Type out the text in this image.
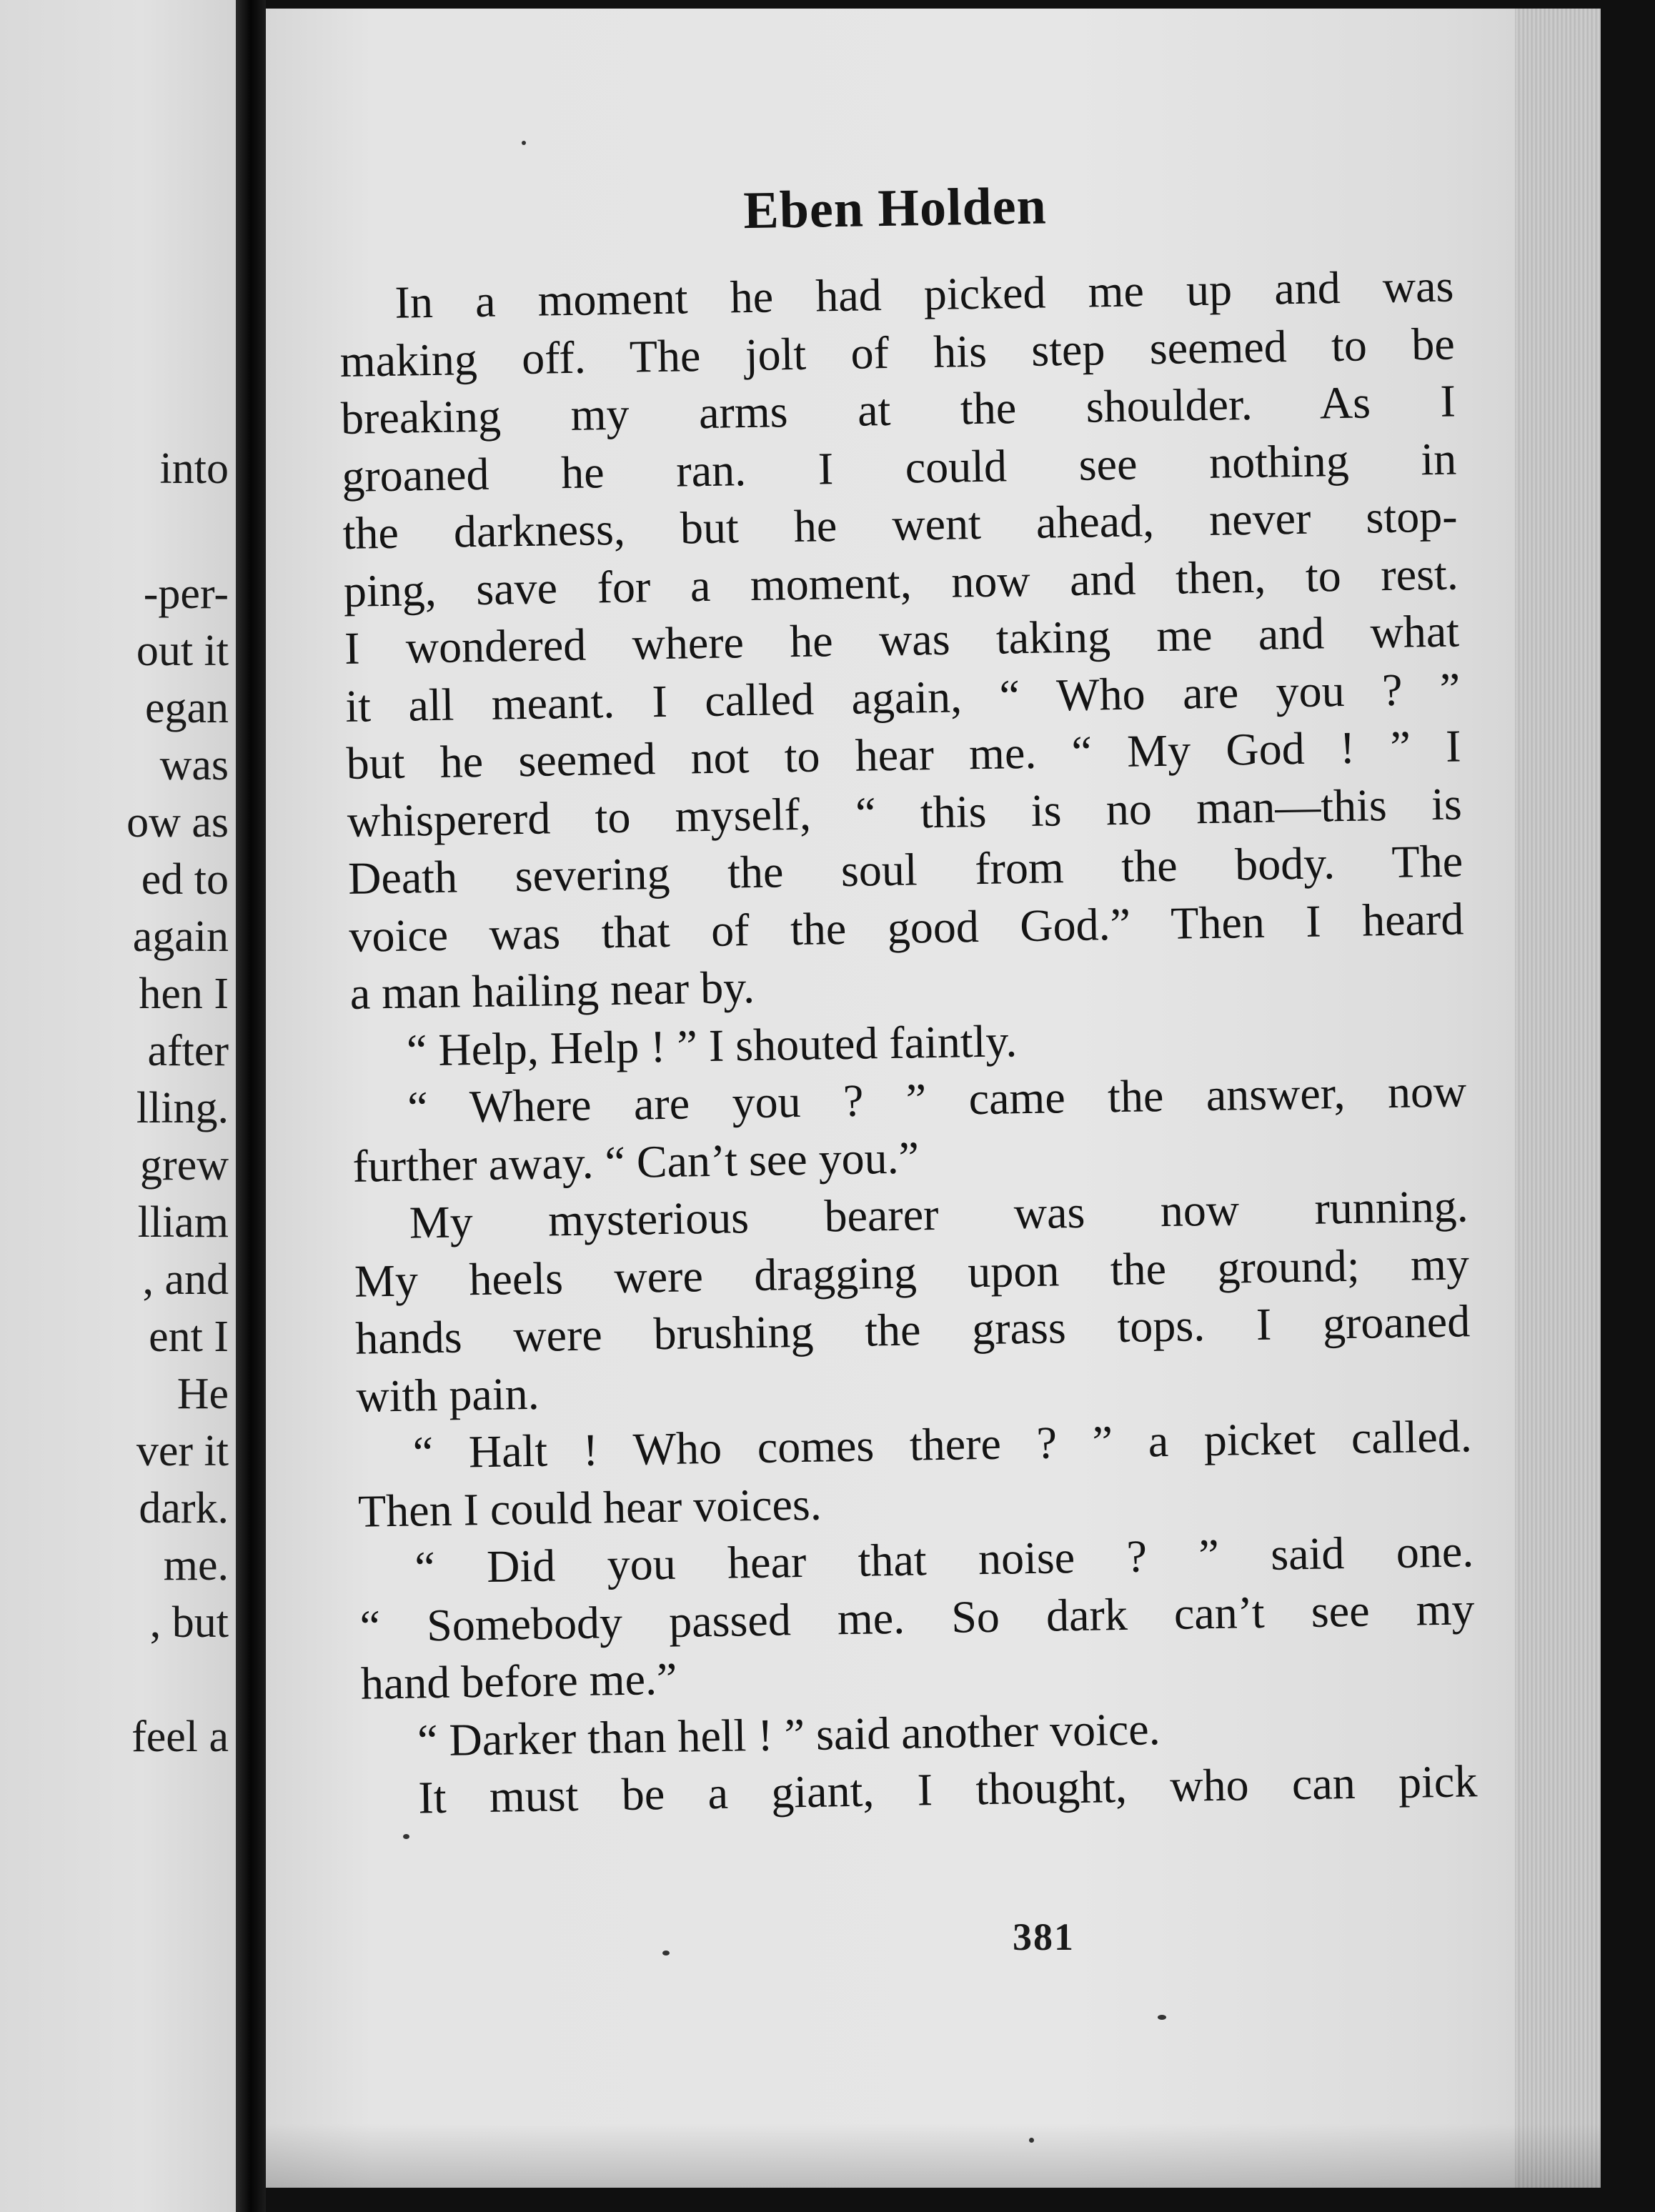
into
-per-
out it
egan
was
ow as
ed to
again
hen I
after
lling.
grew
lliam
, and
ent I
He
ver it
dark.
me.
, but
feel a
Eben Holden
In a moment he had picked me up and was
making off. The jolt of his step seemed to be
breaking my arms at the shoulder. As I
groaned he ran. I could see nothing in
the darkness, but he went ahead, never stop-
ping, save for a moment, now and then, to rest.
I wondered where he was taking me and what
it all meant. I called again, “ Who are you ? ”
but he seemed not to hear me. “ My God ! ” I
whispererd to myself, “ this is no man—this is
Death severing the soul from the body. The
voice was that of the good God.” Then I heard
a man hailing near by.
“ Help, Help ! ” I shouted faintly.
“ Where are you ? ” came the answer, now
further away. “ Can’t see you.”
My mysterious bearer was now running.
My heels were dragging upon the ground; my
hands were brushing the grass tops. I groaned
with pain.
“ Halt ! Who comes there ? ” a picket called.
Then I could hear voices.
“ Did you hear that noise ? ” said one.
“ Somebody passed me. So dark can’t see my
hand before me.”
“ Darker than hell ! ” said another voice.
It must be a giant, I thought, who can pick
381
